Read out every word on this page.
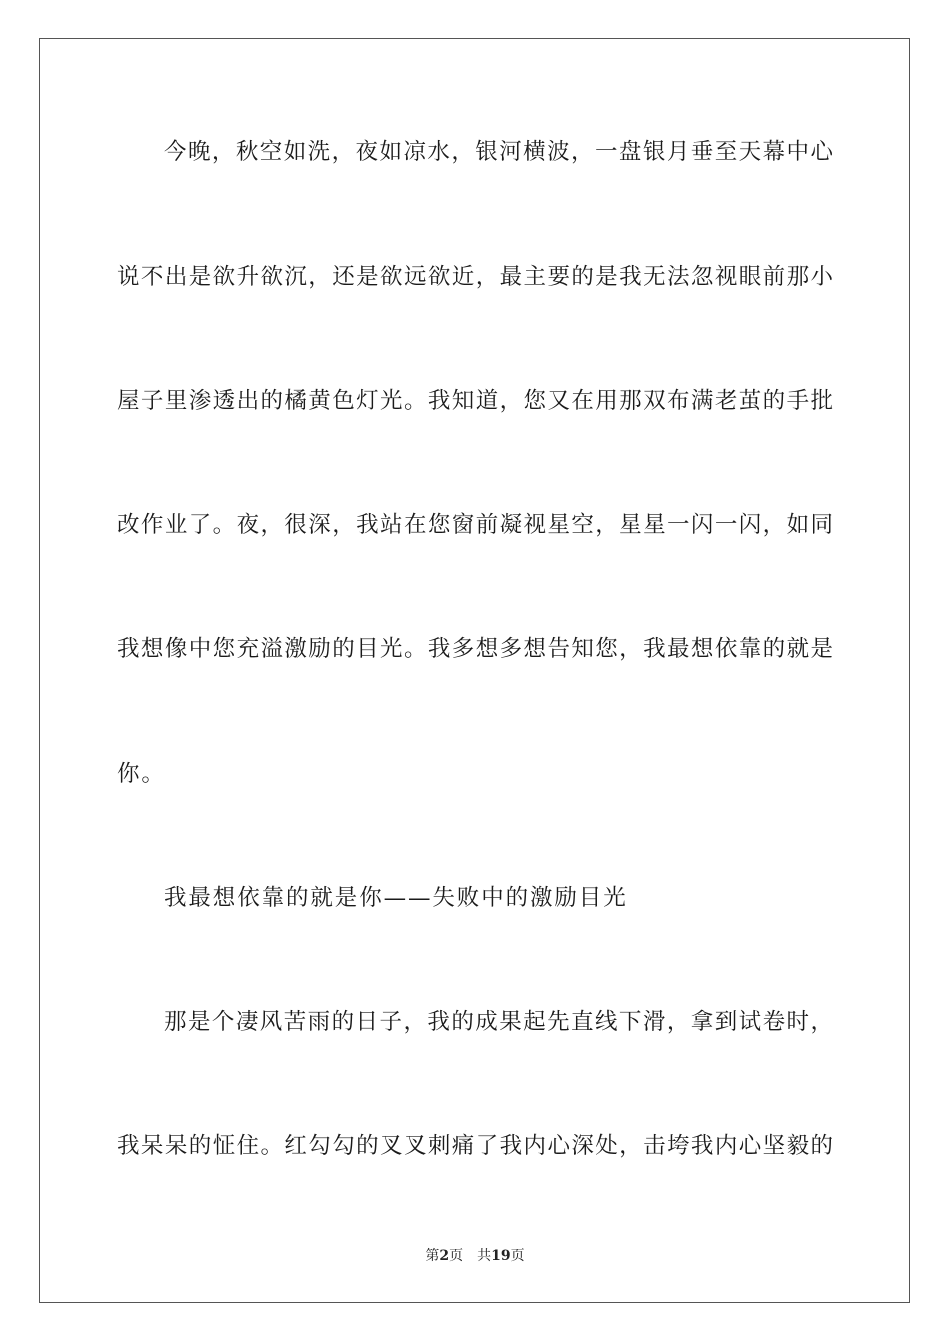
今晚，秋空如洗，夜如凉水，银河横波，一盘银月垂至天幕中心
说不出是欲升欲沉，还是欲远欲近，最主要的是我无法忽视眼前那小
屋子里渗透出的橘黄色灯光。我知道，您又在用那双布满老茧的手批
改作业了。夜，很深，我站在您窗前凝视星空，星星一闪一闪，如同
我想像中您充溢激励的目光。我多想多想告知您，我最想依靠的就是
你。
我最想依靠的就是你——失败中的激励目光
那是个凄风苦雨的日子，我的成果起先直线下滑，拿到试卷时，
我呆呆的怔住。红勾勾的叉叉刺痛了我内心深处，击垮我内心坚毅的
第2页 共19页
